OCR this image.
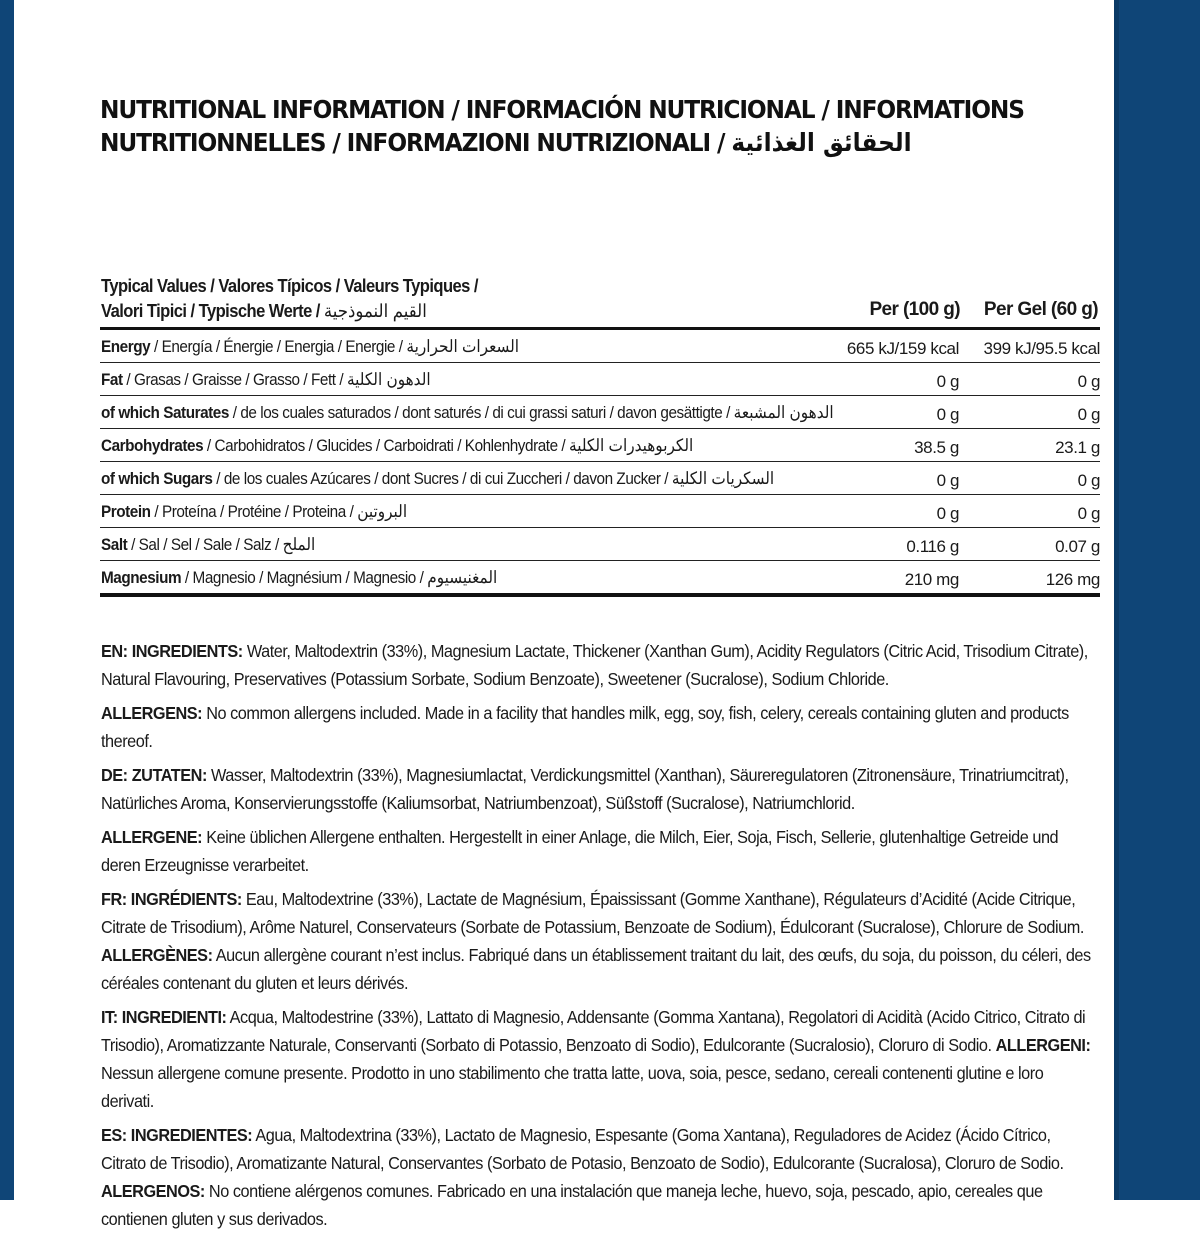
NUTRITIONAL INFORMATION / INFORMACIÓN NUTRICIONAL / INFORMATIONS
NUTRITIONNELLES / INFORMAZIONI NUTRIZIONALI / الحقائق الغذائية
Typical Values / Valores Típicos / Valeurs Typiques /
Valori Tipici / Typische Werte / القيم النموذجية	Per (100 g) Per Gel (60 g)
Energy / Energía / Énergie / Energia / Energie / السعرات الحرارية	665 kJ/159 kcal	399 kJ/95.5 kcal
Fat / Grasas / Graisse / Grasso / Fett / الدهون الكلية	0 g	0 g
of which Saturates / de los cuales saturados / dont saturés / di cui grassi saturi / davon gesättigte / الدهون المشبعة	0 g	0 g
Carbohydrates / Carbohidratos / Glucides / Carboidrati / Kohlenhydrate / الكربوهيدرات الكلية	38.5 g	23.1 g
of which Sugars / de los cuales Azúcares / dont Sucres / di cui Zuccheri / davon Zucker / السكريات الكلية	0 g	0 g
Protein / Proteína / Protéine / Proteina / البروتين	0 g	0 g
Salt / Sal / Sel / Sale / Salz / الملح	0.116 g	0.07 g
Magnesium / Magnesio / Magnésium / Magnesio / المغنيسيوم	210 mg	126 mg

EN: INGREDIENTS: Water, Maltodextrin (33%), Magnesium Lactate, Thickener (Xanthan Gum), Acidity Regulators (Citric Acid, Trisodium Citrate), Natural Flavouring, Preservatives (Potassium Sorbate, Sodium Benzoate), Sweetener (Sucralose), Sodium Chloride.

ALLERGENS: No common allergens included. Made in a facility that handles milk, egg, soy, fish, celery, cereals containing gluten and products thereof.

DE: ZUTATEN: Wasser, Maltodextrin (33%), Magnesiumlactat, Verdickungsmittel (Xanthan), Säureregulatoren (Zitronensäure, Trinatriumcitrat), Natürliches Aroma, Konservierungsstoffe (Kaliumsorbat, Natriumbenzoat), Süßstoff (Sucralose), Natriumchlorid.

ALLERGENE: Keine üblichen Allergene enthalten. Hergestellt in einer Anlage, die Milch, Eier, Soja, Fisch, Sellerie, glutenhaltige Getreide und deren Erzeugnisse verarbeitet.

FR: INGRÉDIENTS: Eau, Maltodextrine (33%), Lactate de Magnésium, Épaississant (Gomme Xanthane), Régulateurs d’Acidité (Acide Citrique, Citrate de Trisodium), Arôme Naturel, Conservateurs (Sorbate de Potassium, Benzoate de Sodium), Édulcorant (Sucralose), Chlorure de Sodium. ALLERGÈNES: Aucun allergène courant n’est inclus. Fabriqué dans un établissement traitant du lait, des œufs, du soja, du poisson, du céleri, des céréales contenant du gluten et leurs dérivés.

IT: INGREDIENTI: Acqua, Maltodestrine (33%), Lattato di Magnesio, Addensante (Gomma Xantana), Regolatori di Acidità (Acido Citrico, Citrato di Trisodio), Aromatizzante Naturale, Conservanti (Sorbato di Potassio, Benzoato di Sodio), Edulcorante (Sucralosio), Cloruro di Sodio. ALLERGENI: Nessun allergene comune presente. Prodotto in uno stabilimento che tratta latte, uova, soia, pesce, sedano, cereali contenenti glutine e loro derivati.

ES: INGREDIENTES: Agua, Maltodextrina (33%), Lactato de Magnesio, Espesante (Goma Xantana), Reguladores de Acidez (Ácido Cítrico, Citrato de Trisodio), Aromatizante Natural, Conservantes (Sorbato de Potasio, Benzoato de Sodio), Edulcorante (Sucralosa), Cloruro de Sodio. ALERGENOS: No contiene alérgenos comunes. Fabricado en una instalación que maneja leche, huevo, soja, pescado, apio, cereales que contienen gluten y sus derivados.
